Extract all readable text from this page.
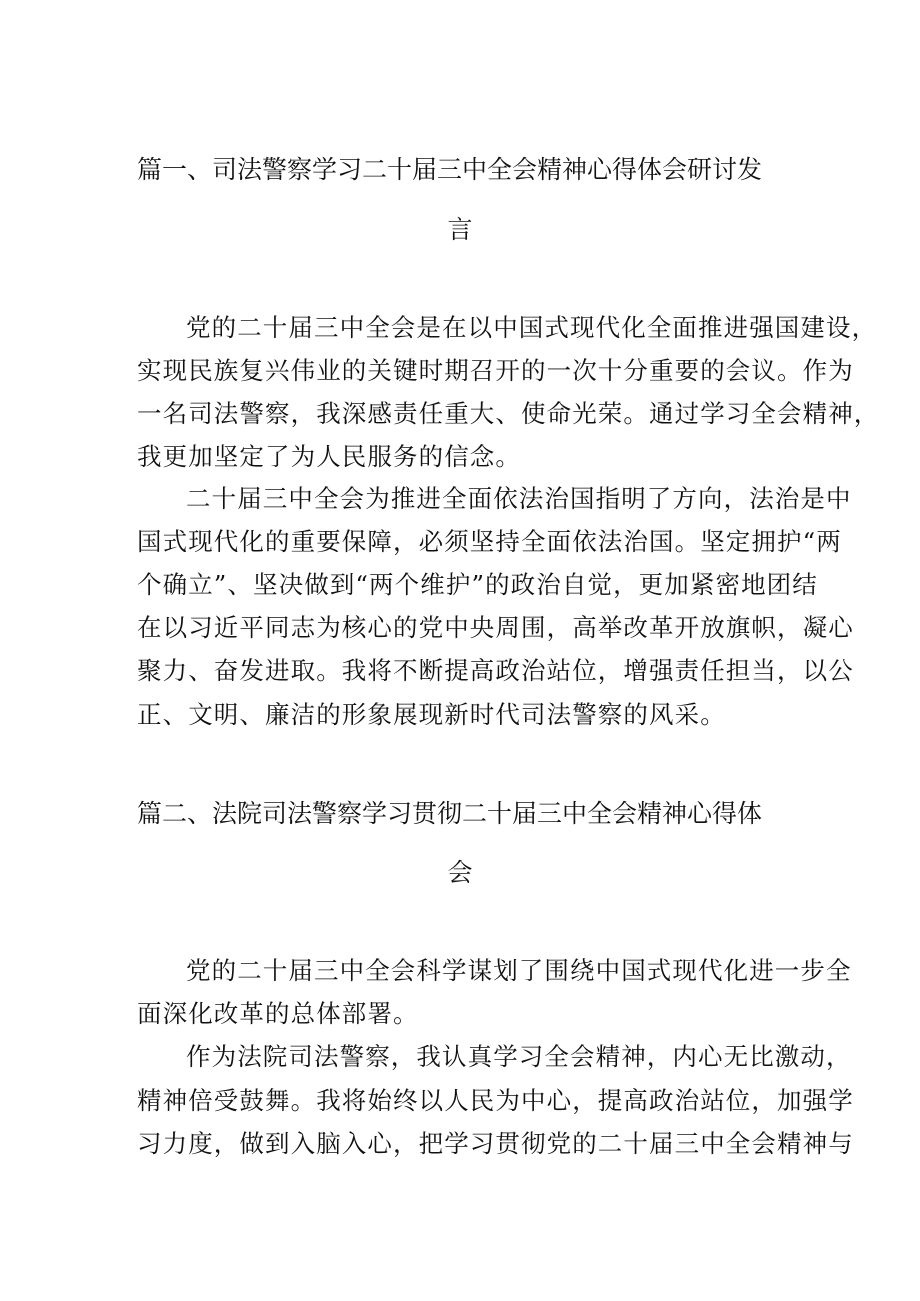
篇一、司法警察学习二十届三中全会精神心得体会研讨发
言
党的二十届三中全会是在以中国式现代化全面推进强国建设，
实现民族复兴伟业的关键时期召开的一次十分重要的会议。作为
一名司法警察，我深感责任重大、使命光荣。通过学习全会精神，
我更加坚定了为人民服务的信念。
二十届三中全会为推进全面依法治国指明了方向，法治是中
国式现代化的重要保障，必须坚持全面依法治国。坚定拥护“两
个确立”、坚决做到“两个维护”的政治自觉，更加紧密地团结
在以习近平同志为核心的党中央周围，高举改革开放旗帜，凝心
聚力、奋发进取。我将不断提高政治站位，增强责任担当，以公
正、文明、廉洁的形象展现新时代司法警察的风采。
篇二、法院司法警察学习贯彻二十届三中全会精神心得体
会
党的二十届三中全会科学谋划了围绕中国式现代化进一步全
面深化改革的总体部署。
作为法院司法警察，我认真学习全会精神，内心无比激动，
精神倍受鼓舞。我将始终以人民为中心，提高政治站位，加强学
习力度，做到入脑入心，把学习贯彻党的二十届三中全会精神与
